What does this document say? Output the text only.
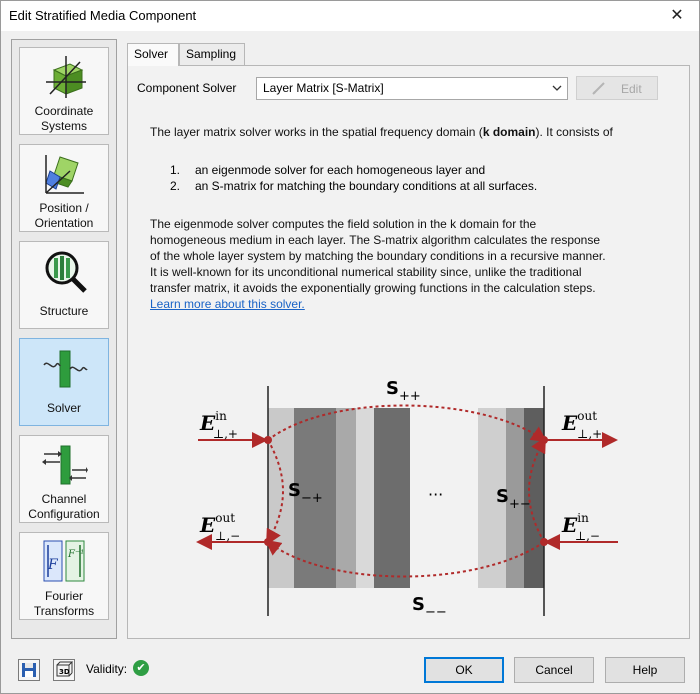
Edit Stratified Media Component	✕
Coordinate
Systems
Position /
Orientation
Structure
Solver
Channel
Configuration
F
F⁻¹
Fourier
Transforms
Solver	Sampling
Component Solver	Layer Matrix [S-Matrix]	Edit
The layer matrix solver works in the spatial frequency domain (k domain). It consists of
1. an eigenmode solver for each homogeneous layer and
2. an S-matrix for matching the boundary conditions at all surfaces.
The eigenmode solver computes the field solution in the k domain for the
homogeneous medium in each layer. The S-matrix algorithm calculates the response
of the whole layer system by matching the boundary conditions in a recursive manner.
It is well-known for its unconditional numerical stability since, unlike the traditional
transfer matrix, it avoids the exponentially growing functions in the calculation steps.
Learn more about this solver.
$E^{in}$ ⊥,+
$E^{out}$ ⊥,−
$E^{out}$ ⊥,+
$E^{in}$ ⊥,−
$S_{++}$
$S_{-+}$	$S_{+-}$
$S_{--}$
···
3D Validity: ✔	OK	Cancel	Help
